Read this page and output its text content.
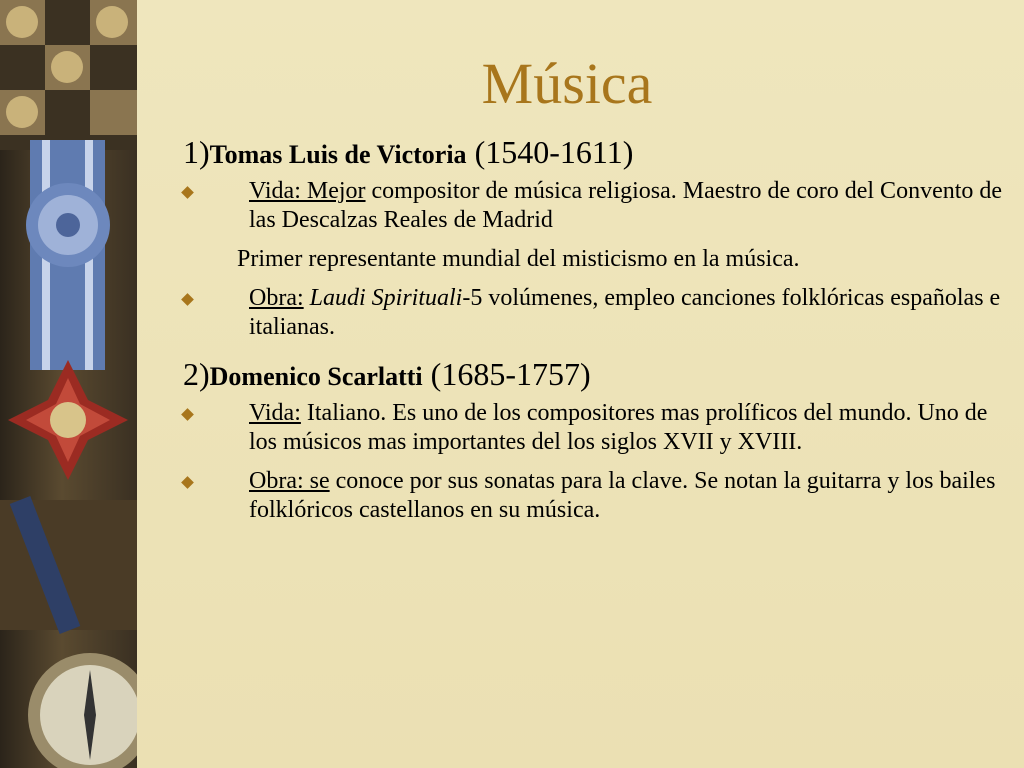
Música
1)Tomas Luis de Victoria (1540-1611)
Vida: Mejor compositor de música religiosa. Maestro de coro del Convento de las Descalzas Reales de Madrid
Primer representante mundial del misticismo en la música.
Obra: Laudi Spirituali-5 volúmenes, empleo canciones folklóricas españolas e italianas.
2)Domenico Scarlatti (1685-1757)
Vida: Italiano. Es uno de los compositores mas prolíficos del mundo. Uno de los músicos mas importantes del los siglos XVII y XVIII.
Obra: se conoce por sus sonatas para la clave. Se notan la guitarra y los bailes folklóricos castellanos en su música.
